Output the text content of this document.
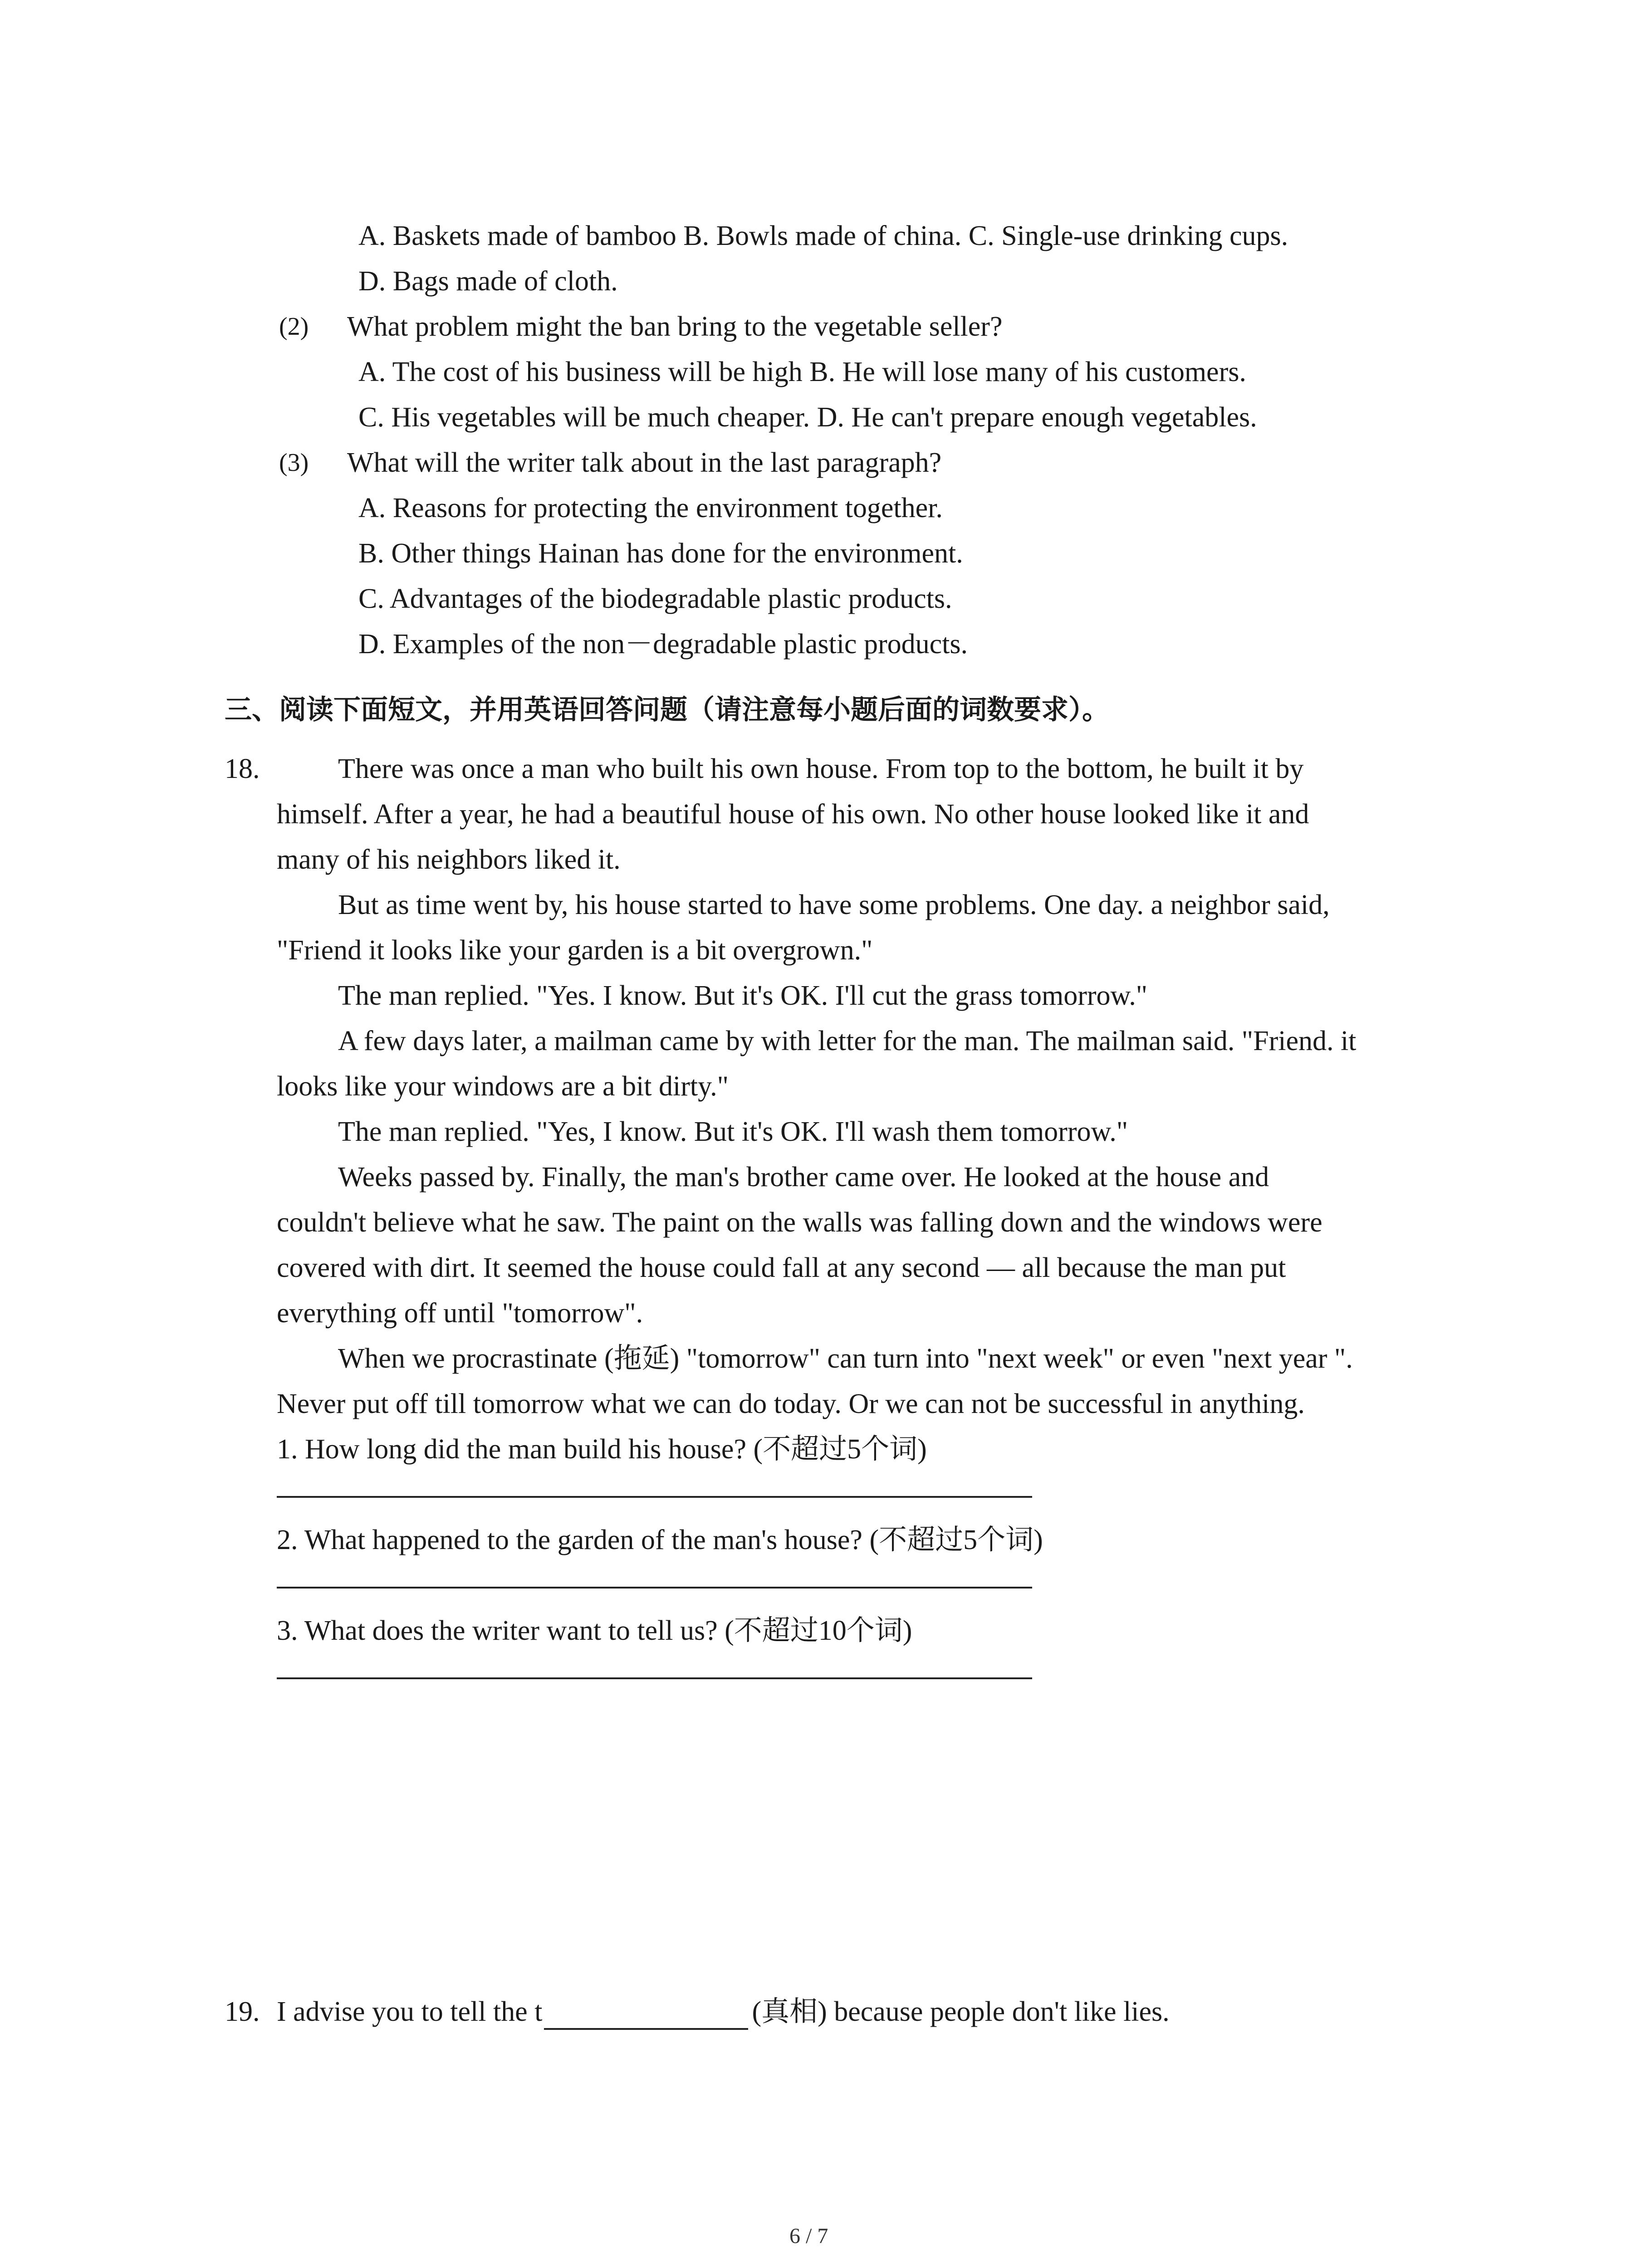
A. Baskets made of bamboo B. Bowls made of china. C. Single-use drinking cups.
D. Bags made of cloth.
(2) What problem might the ban bring to the vegetable seller?
A. The cost of his business will be high B. He will lose many of his customers.
C. His vegetables will be much cheaper. D. He can't prepare enough vegetables.
(3) What will the writer talk about in the last paragraph?
A. Reasons for protecting the environment together.
B. Other things Hainan has done for the environment.
C. Advantages of the biodegradable plastic products.
D. Examples of the non－degradable plastic products.
三、阅读下面短文，并用英语回答问题（请注意每小题后面的词数要求）。
18.	There was once a man who built his own house. From top to the bottom, he built it by
himself. After a year, he had a beautiful house of his own. No other house looked like it and
many of his neighbors liked it.
But as time went by, his house started to have some problems. One day. a neighbor said,
"Friend it looks like your garden is a bit overgrown."
The man replied. "Yes. I know. But it's OK. I'll cut the grass tomorrow."
A few days later, a mailman came by with letter for the man. The mailman said. "Friend. it
looks like your windows are a bit dirty."
The man replied. "Yes, I know. But it's OK. I'll wash them tomorrow."
Weeks passed by. Finally, the man's brother came over. He looked at the house and
couldn't believe what he saw. The paint on the walls was falling down and the windows were
covered with dirt. It seemed the house could fall at any second — all because the man put
everything off until "tomorrow".
When we procrastinate (拖延) "tomorrow" can turn into "next week" or even "next year ".
Never put off till tomorrow what we can do today. Or we can not be successful in anything.
1. How long did the man build his house? (不超过5个词)
2. What happened to the garden of the man's house? (不超过5个词)
3. What does the writer want to tell us? (不超过10个词)
19. I advise you to tell the t	(真相) because people don't like lies.
6 / 7
